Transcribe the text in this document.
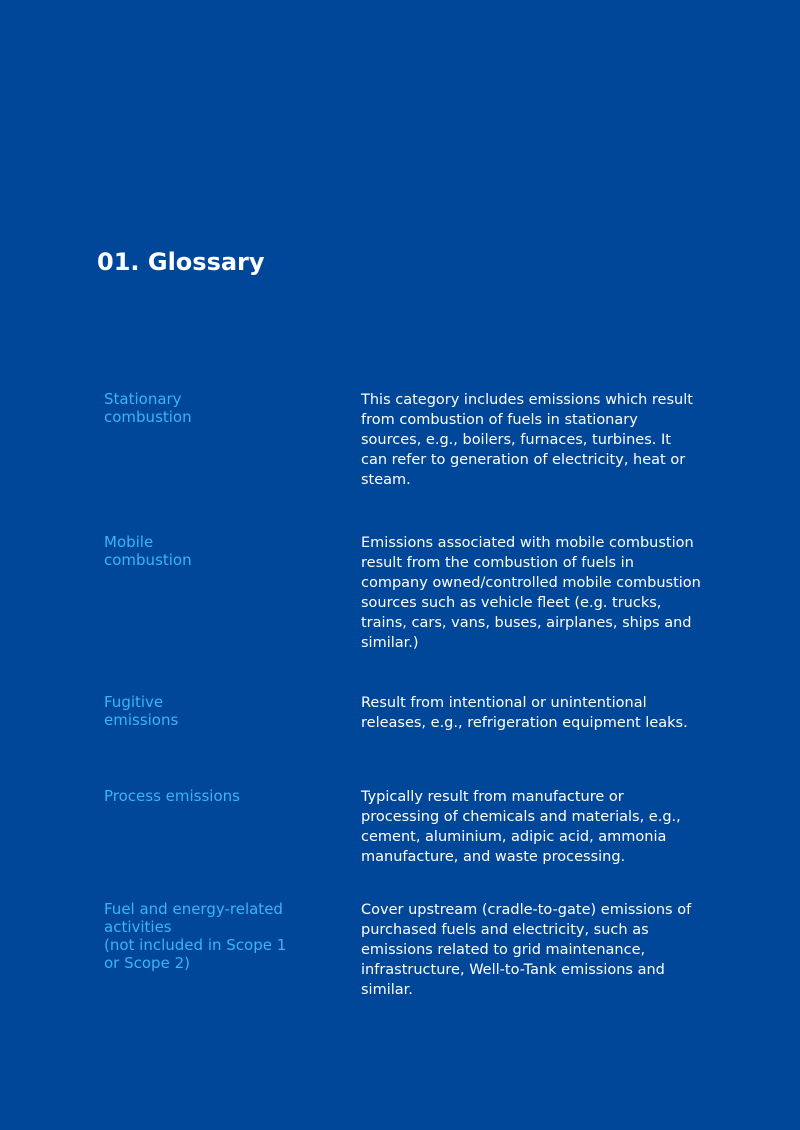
01. Glossary
Stationary
combustion
This category includes emissions which result
from combustion of fuels in stationary
sources, e.g., boilers, furnaces, turbines. It
can refer to generation of electricity, heat or
steam.
Mobile
combustion
Emissions associated with mobile combustion
result from the combustion of fuels in
company owned/controlled mobile combustion
sources such as vehicle fleet (e.g. trucks,
trains, cars, vans, buses, airplanes, ships and
similar.)
Fugitive
emissions
Result from intentional or unintentional
releases, e.g., refrigeration equipment leaks.
Process emissions	Typically result from manufacture or
processing of chemicals and materials, e.g.,
cement, aluminium, adipic acid, ammonia
manufacture, and waste processing.
Fuel and energy-related
activities
(not included in Scope 1
or Scope 2)
Cover upstream (cradle-to-gate) emissions of
purchased fuels and electricity, such as
emissions related to grid maintenance,
infrastructure, Well-to-Tank emissions and
similar.
